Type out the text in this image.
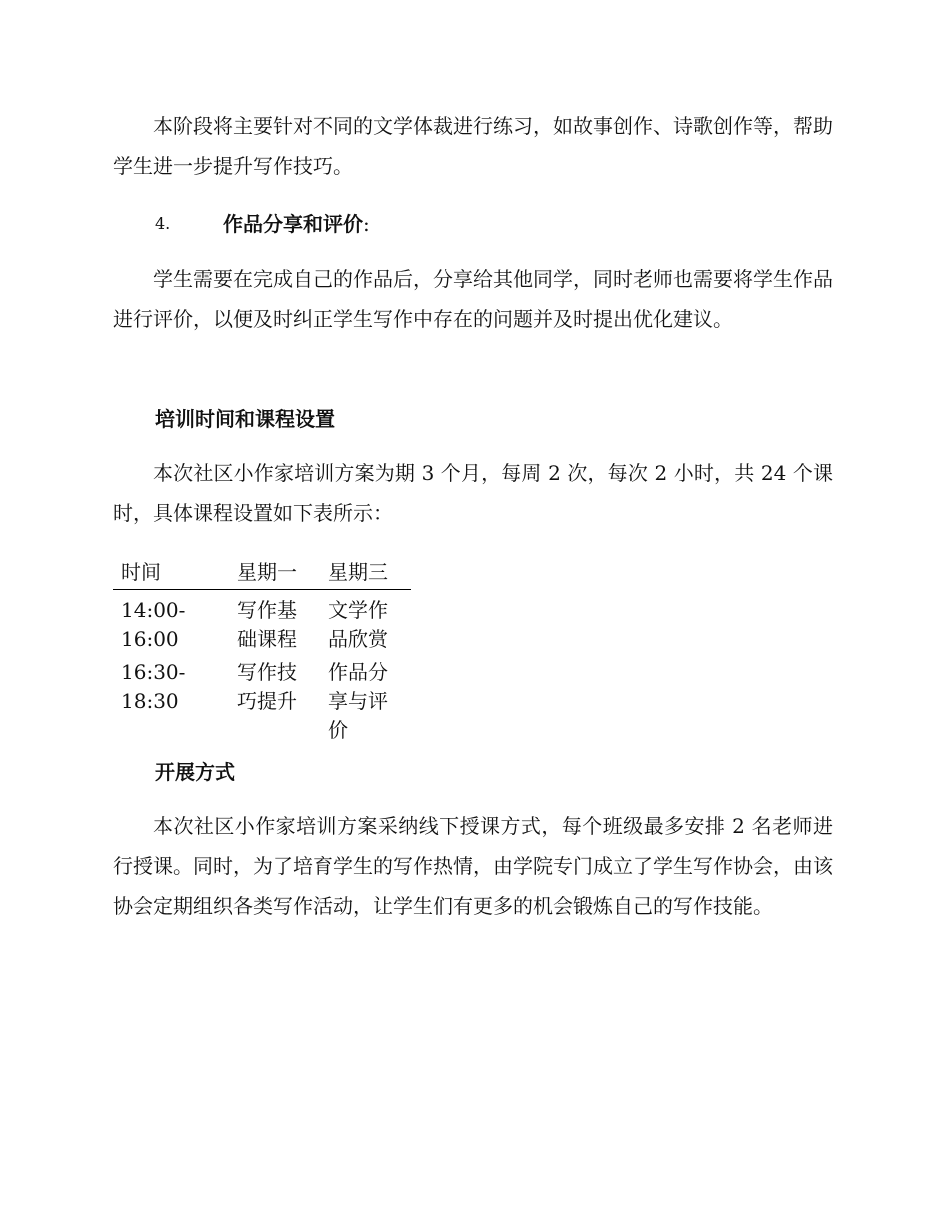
本阶段将主要针对不同的文学体裁进行练习，如故事创作、诗歌创作等，帮助学生进一步提升写作技巧。

4.	作品分享和评价:

学生需要在完成自己的作品后，分享给其他同学，同时老师也需要将学生作品进行评价，以便及时纠正学生写作中存在的问题并及时提出优化建议。

培训时间和课程设置

本次社区小作家培训方案为期 3 个月，每周 2 次，每次 2 小时，共 24 个课时，具体课程设置如下表所示：

时间	星期一	星期三
14:00-16:00	写作基础课程	文学作品欣赏
16:30-18:30	写作技巧提升	作品分享与评价
开展方式

本次社区小作家培训方案采纳线下授课方式，每个班级最多安排 2 名老师进行授课。同时，为了培育学生的写作热情，由学院专门成立了学生写作协会，由该协会定期组织各类写作活动，让学生们有更多的机会锻炼自己的写作技能。
